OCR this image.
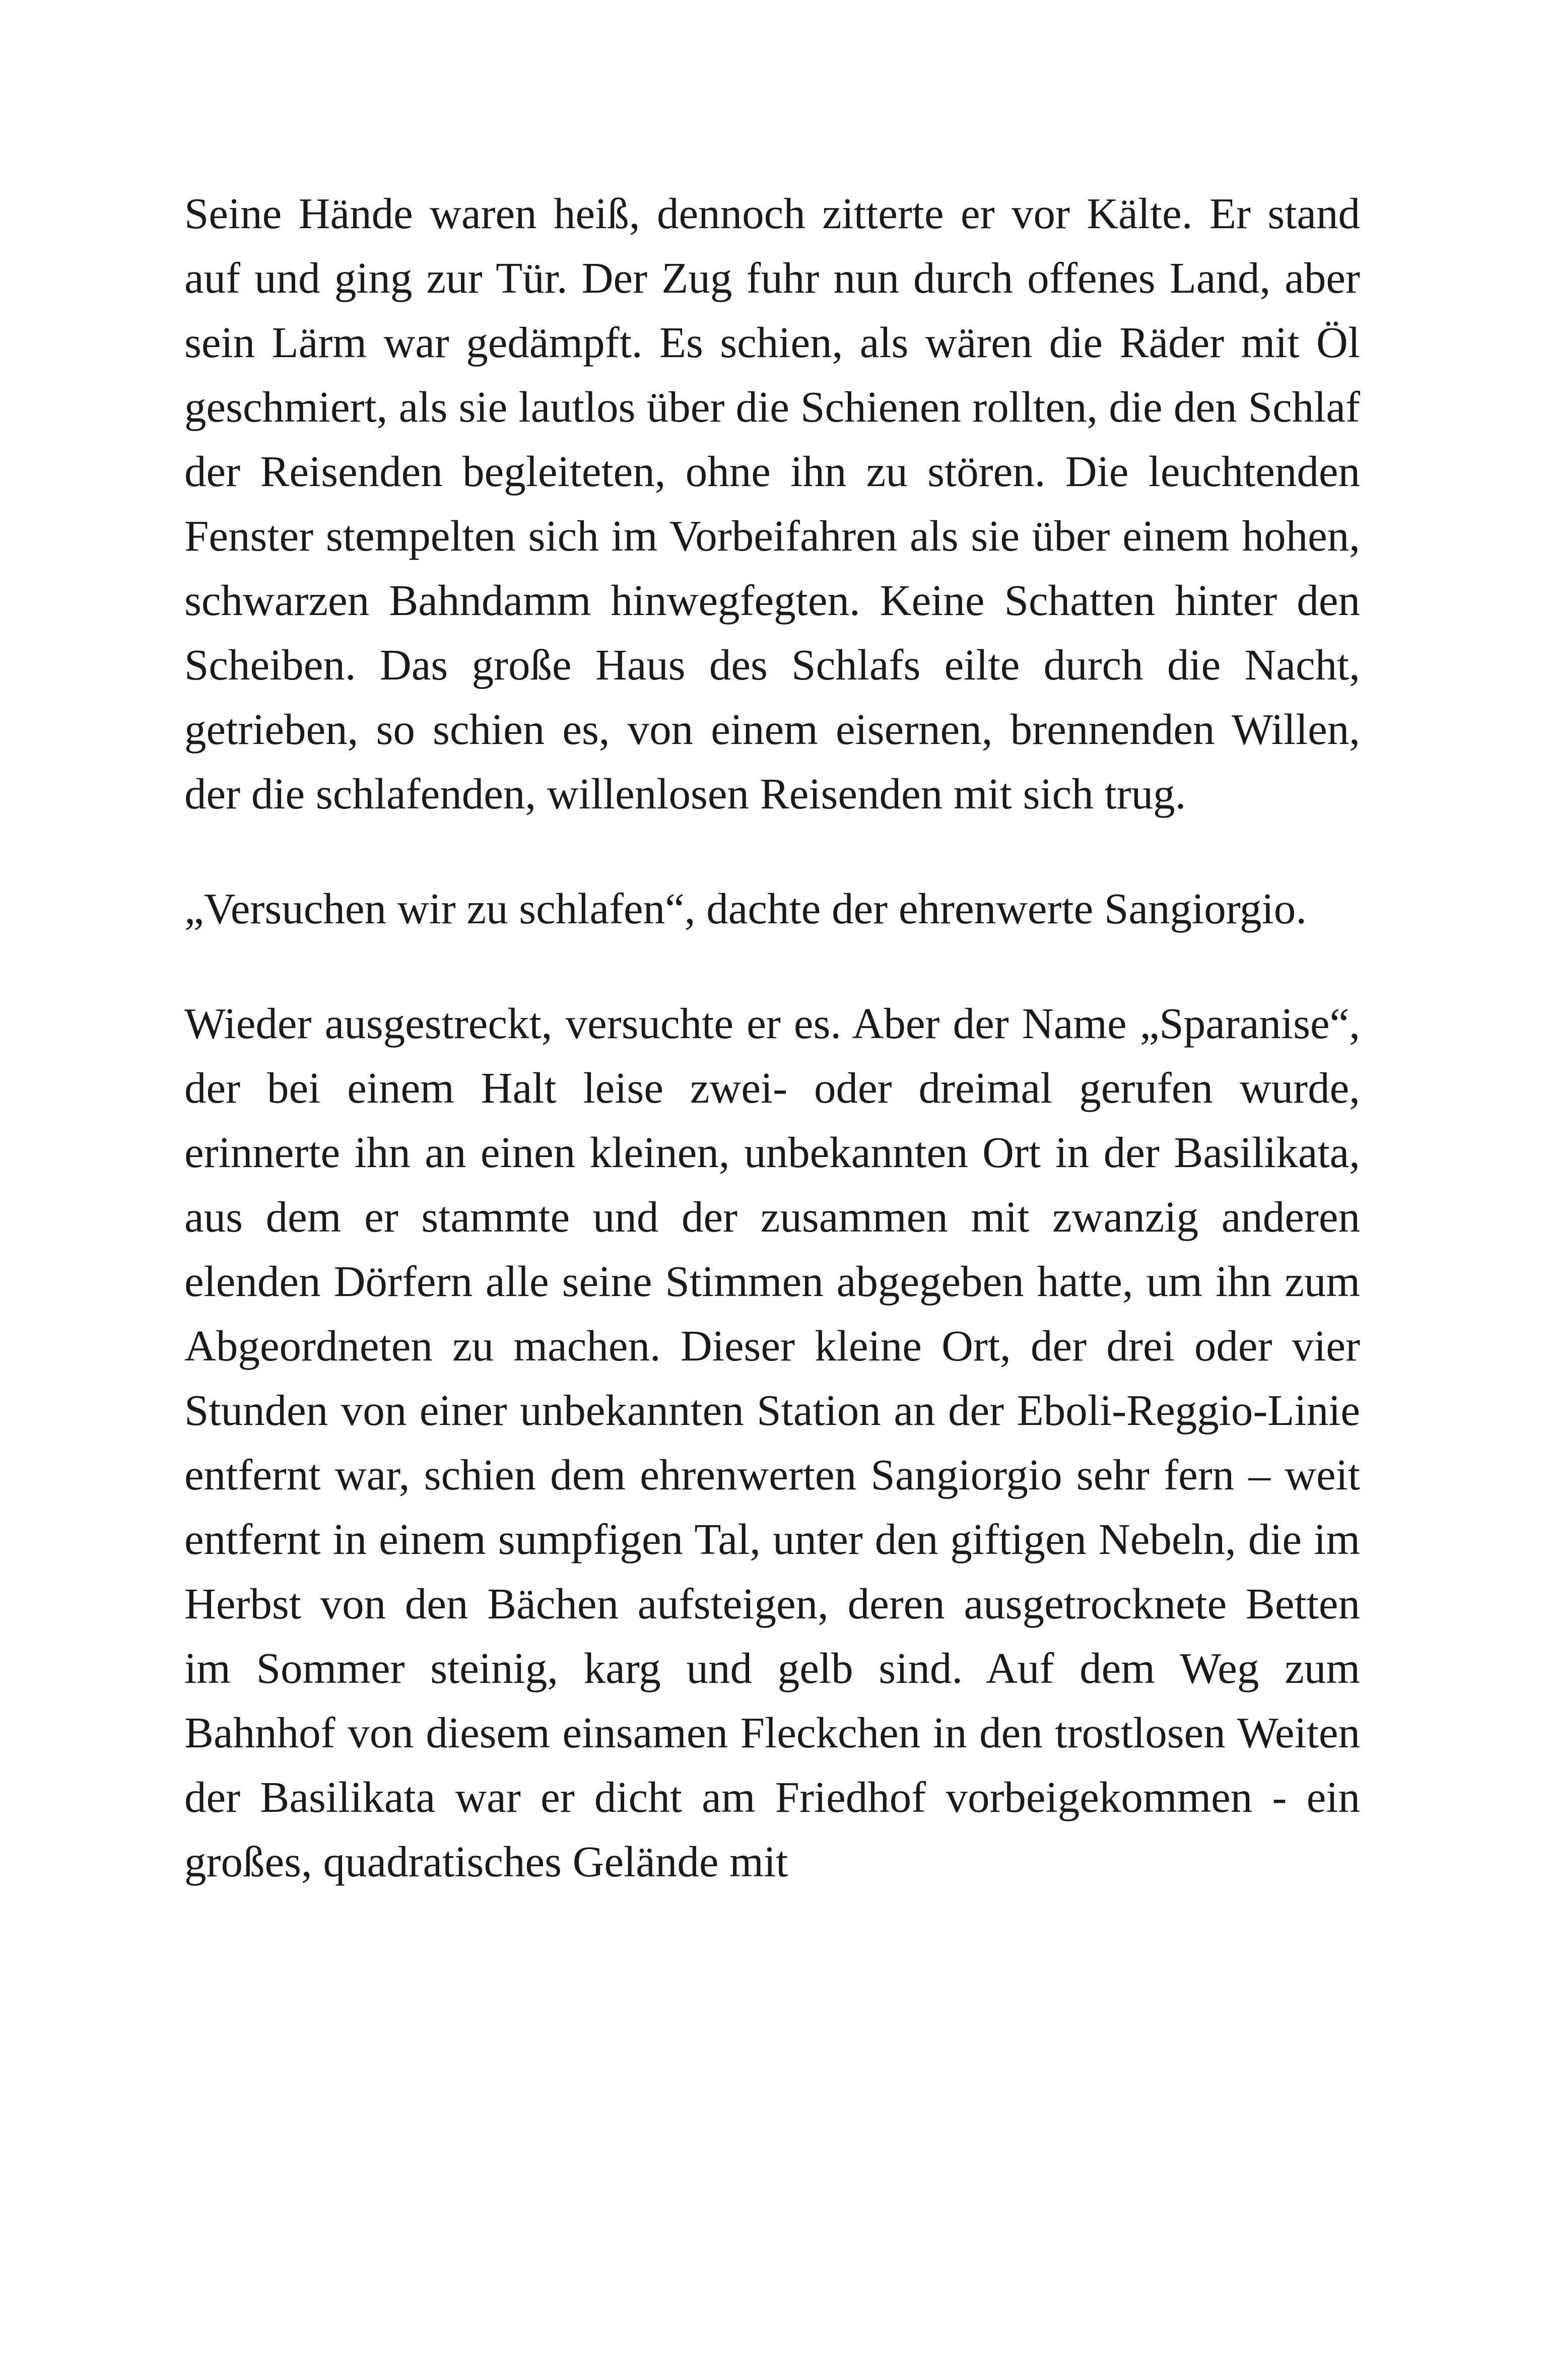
Seine Hände waren heiß, dennoch zitterte er vor Kälte. Er stand auf und ging zur Tür. Der Zug fuhr nun durch offenes Land, aber sein Lärm war gedämpft. Es schien, als wären die Räder mit Öl geschmiert, als sie lautlos über die Schienen rollten, die den Schlaf der Reisenden begleiteten, ohne ihn zu stören. Die leuchtenden Fenster stempelten sich im Vorbeifahren als sie über einem hohen, schwarzen Bahndamm hinwegfegten. Keine Schatten hinter den Scheiben. Das große Haus des Schlafs eilte durch die Nacht, getrieben, so schien es, von einem eisernen, brennenden Willen, der die schlafenden, willenlosen Reisenden mit sich trug.

„Versuchen wir zu schlafen“, dachte der ehrenwerte Sangiorgio.

Wieder ausgestreckt, versuchte er es. Aber der Name „Sparanise“, der bei einem Halt leise zwei- oder dreimal gerufen wurde, erinnerte ihn an einen kleinen, unbekannten Ort in der Basilikata, aus dem er stammte und der zusammen mit zwanzig anderen elenden Dörfern alle seine Stimmen abgegeben hatte, um ihn zum Abgeordneten zu machen. Dieser kleine Ort, der drei oder vier Stunden von einer unbekannten Station an der Eboli-Reggio-Linie entfernt war, schien dem ehrenwerten Sangiorgio sehr fern – weit entfernt in einem sumpfigen Tal, unter den giftigen Nebeln, die im Herbst von den Bächen aufsteigen, deren ausgetrocknete Betten im Sommer steinig, karg und gelb sind. Auf dem Weg zum Bahnhof von diesem einsamen Fleckchen in den trostlosen Weiten der Basilikata war er dicht am Friedhof vorbeigekommen - ein großes, quadratisches Gelände mit
